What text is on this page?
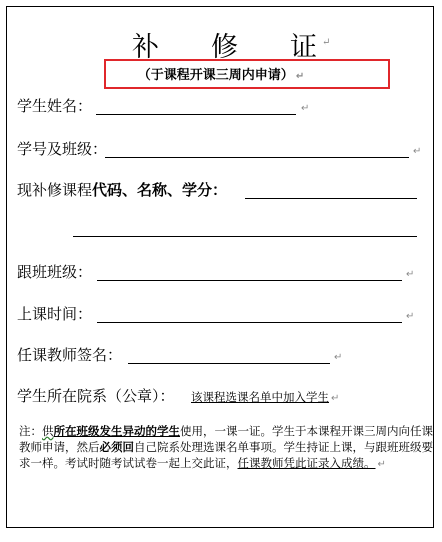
补 修 证 ↵
（于课程开课三周内申请） ↵
学生姓名：	↵
学号及班级：	↵
现补修课程代码、名称、学分：
跟班班级：	↵
上课时间：	↵
任课教师签名：	↵
学生所在院系（公章）： 该课程选课名单中加入学生 ↵
注：供所在班级发生异动的学生使用，一课一证。学生于本课程开课三周内向任课教师申请，然后必须回自己院系处理选课名单事项。学生持证上课，与跟班班级要求一样。考试时随考试试卷一起上交此证，任课教师凭此证录入成绩。 ↵
